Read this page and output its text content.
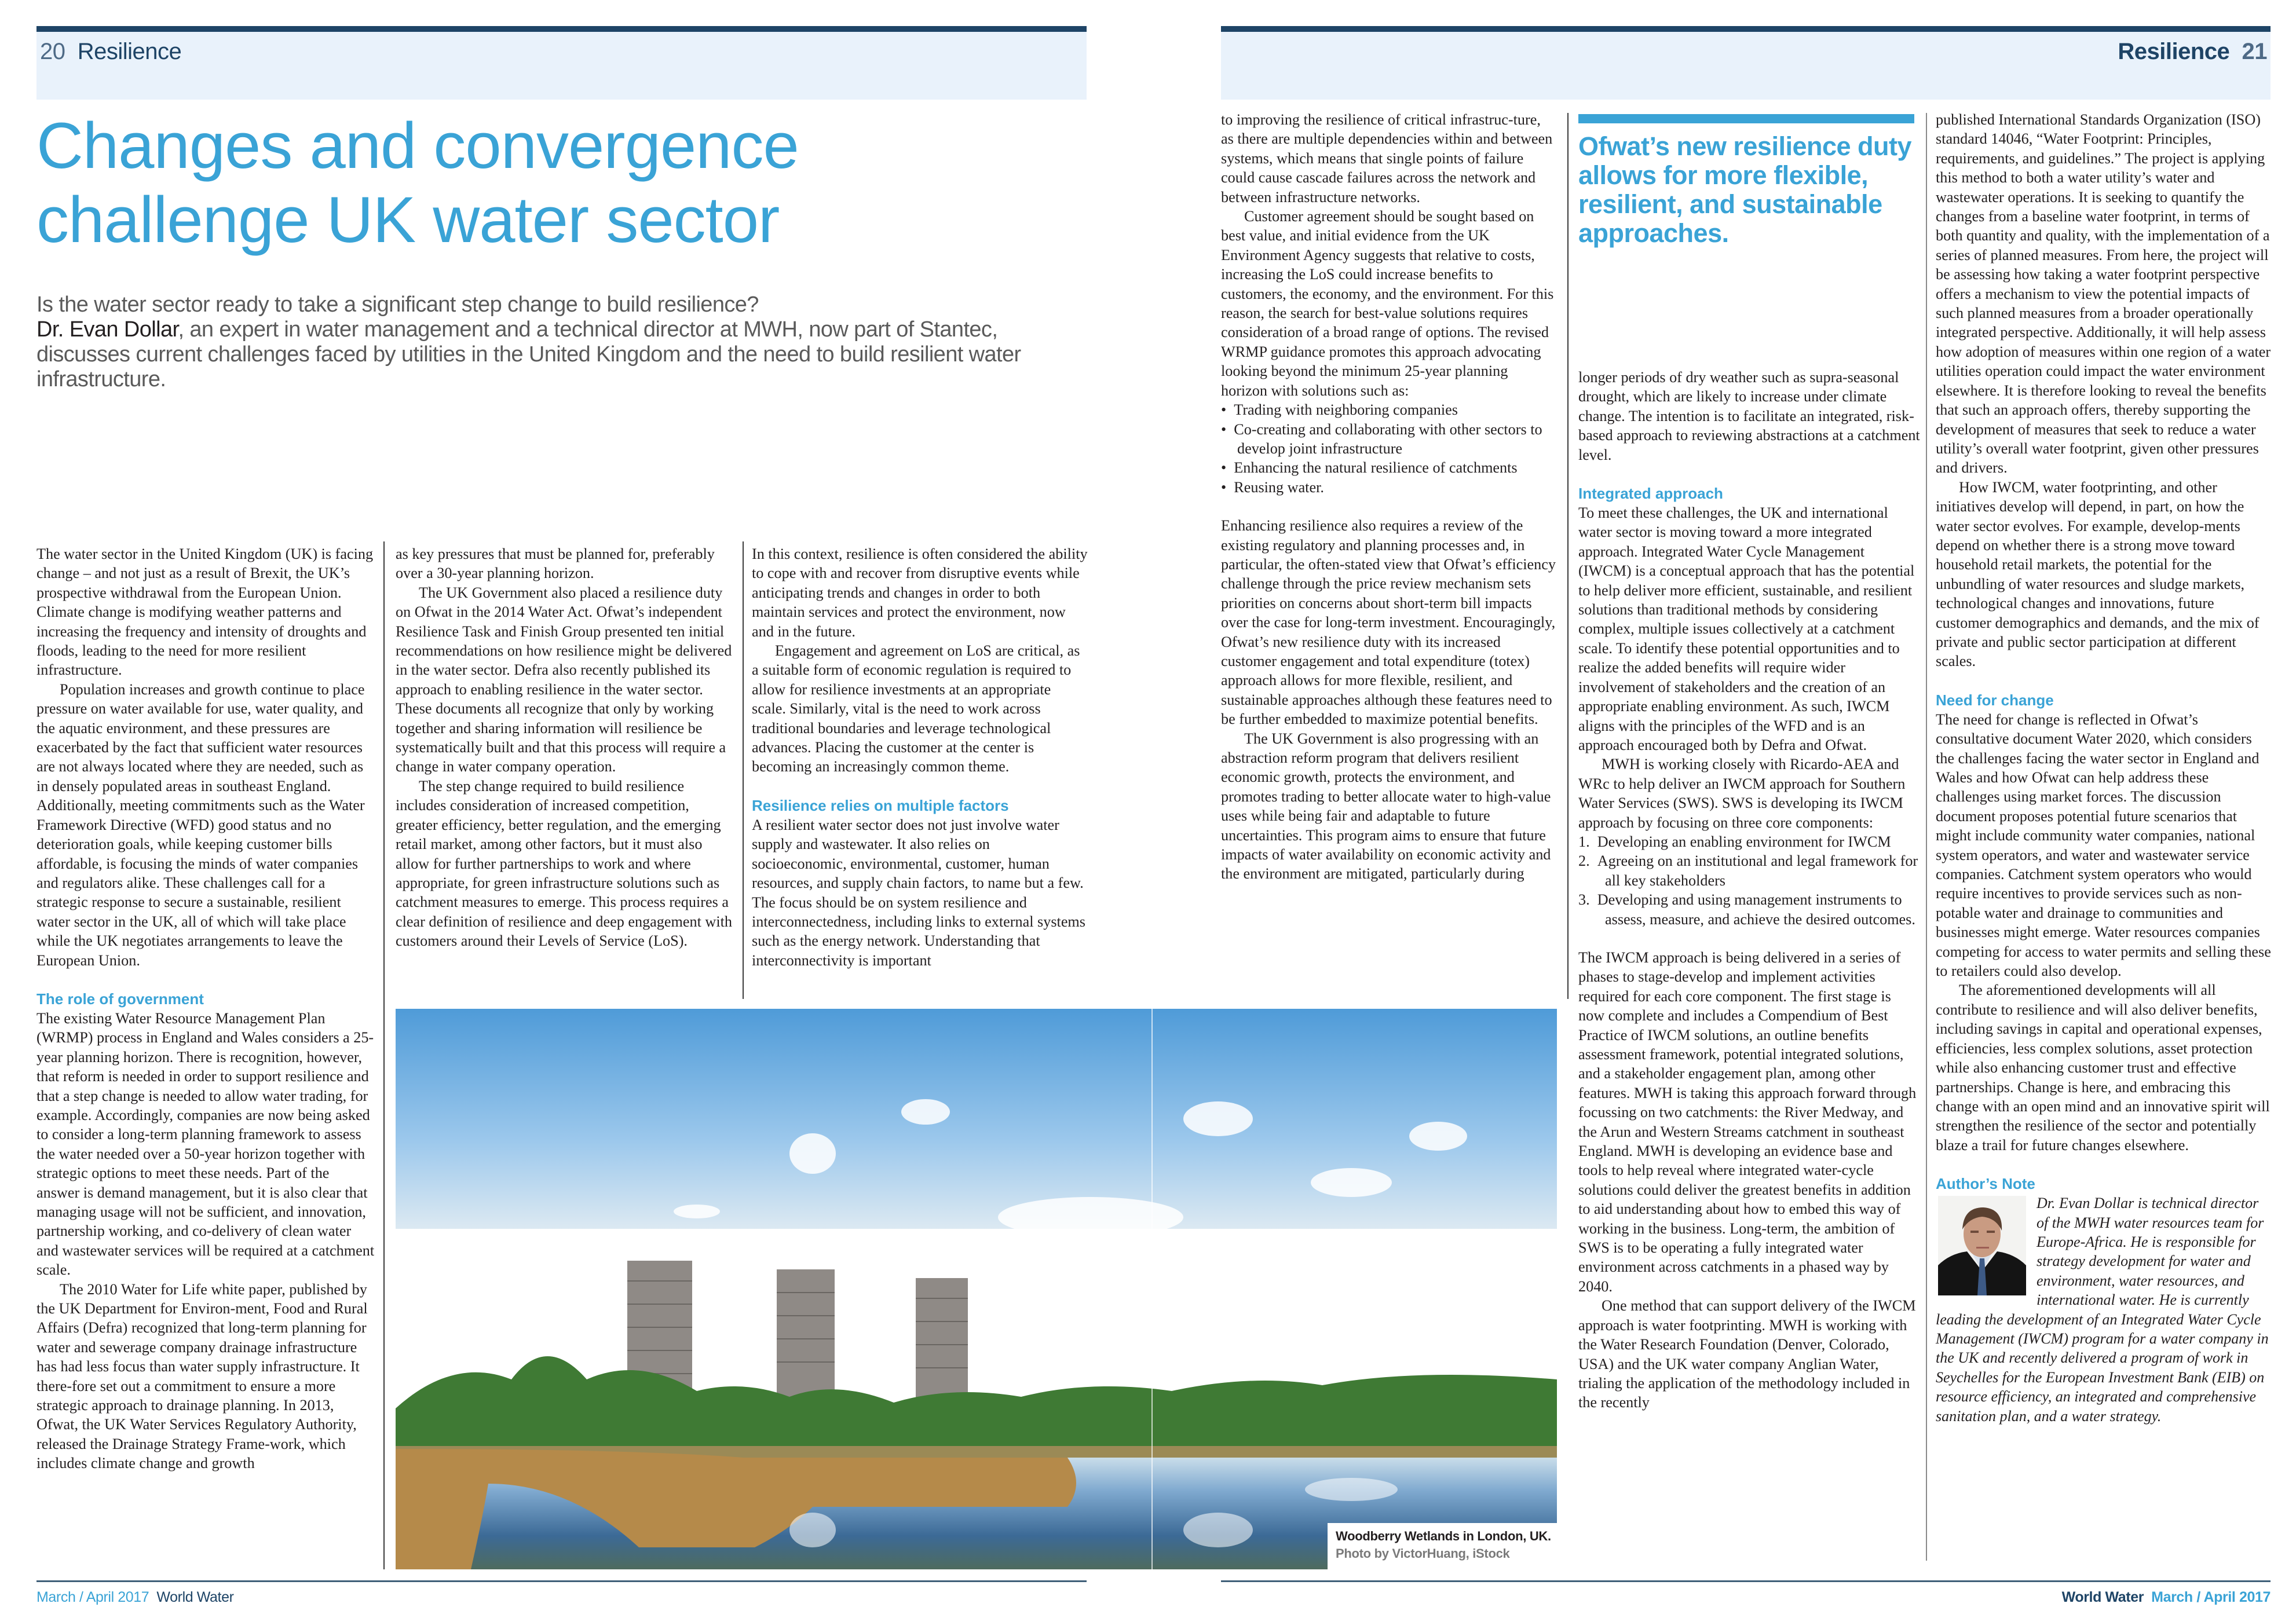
20 Resilience	Resilience 21
Changes and convergence
challenge UK water sector

Is the water sector ready to take a significant step change to build resilience?
Dr. Evan Dollar, an expert in water management and a technical director at MWH, now part of Stantec, discusses current challenges faced by utilities in the United Kingdom and the need to build resilient water infrastructure.

The water sector in the United Kingdom (UK) is facing change – and not just as a result of Brexit, the UK’s prospective withdrawal from the European Union. Climate change is modifying weather patterns and increasing the frequency and intensity of droughts and floods, leading to the need for more resilient infrastructure.

Population increases and growth continue to place pressure on water available for use, water quality, and the aquatic environment, and these pressures are exacerbated by the fact that sufficient water resources are not always located where they are needed, such as in densely populated areas in southeast England. Additionally, meeting commitments such as the Water Framework Directive (WFD) good status and no deterioration goals, while keeping customer bills affordable, is focusing the minds of water companies and regulators alike. These challenges call for a strategic response to secure a sustainable, resilient water sector in the UK, all of which will take place while the UK negotiates arrangements to leave the European Union.

The role of government

The existing Water Resource Management Plan (WRMP) process in England and Wales considers a 25-year planning horizon. There is recognition, however, that reform is needed in order to support resilience and that a step change is needed to allow water trading, for example. Accordingly, companies are now being asked to consider a long-term planning framework to assess the water needed over a 50-year horizon together with strategic options to meet these needs. Part of the answer is demand management, but it is also clear that managing usage will not be sufficient, and innovation, partnership working, and co-delivery of clean water and wastewater services will be required at a catchment scale.

The 2010 Water for Life white paper, published by the UK Department for Environ-ment, Food and Rural Affairs (Defra) recognized that long-term planning for water and sewerage company drainage infrastructure has had less focus than water supply infrastructure. It there-fore set out a commitment to ensure a more strategic approach to drainage planning. In 2013, Ofwat, the UK Water Services Regulatory Authority, released the Drainage Strategy Frame-work, which includes climate change and growth

as key pressures that must be planned for, preferably over a 30-year planning horizon.

The UK Government also placed a resilience duty on Ofwat in the 2014 Water Act. Ofwat’s independent Resilience Task and Finish Group presented ten initial recommendations on how resilience might be delivered in the water sector. Defra also recently published its approach to enabling resilience in the water sector. These documents all recognize that only by working together and sharing information will resilience be systematically built and that this process will require a change in water company operation.

The step change required to build resilience includes consideration of increased competition, greater efficiency, better regulation, and the emerging retail market, among other factors, but it must also allow for further partnerships to work and where appropriate, for green infrastructure solutions such as catchment measures to emerge. This process requires a clear definition of resilience and deep engagement with customers around their Levels of Service (LoS).

In this context, resilience is often considered the ability to cope with and recover from disruptive events while anticipating trends and changes in order to both maintain services and protect the environment, now and in the future.

Engagement and agreement on LoS are critical, as a suitable form of economic regulation is required to allow for resilience investments at an appropriate scale. Similarly, vital is the need to work across traditional boundaries and leverage technological advances. Placing the customer at the center is becoming an increasingly common theme.

Resilience relies on multiple factors

A resilient water sector does not just involve water supply and wastewater. It also relies on socioeconomic, environmental, customer, human resources, and supply chain factors, to name but a few. The focus should be on system resilience and interconnectedness, including links to external systems such as the energy network. Understanding that interconnectivity is important

to improving the resilience of critical infrastruc-ture, as there are multiple dependencies within and between systems, which means that single points of failure could cause cascade failures across the network and between infrastructure networks.

Customer agreement should be sought based on best value, and initial evidence from the UK Environment Agency suggests that relative to costs, increasing the LoS could increase benefits to customers, the economy, and the environment. For this reason, the search for best-value solutions requires consideration of a broad range of options. The revised WRMP guidance promotes this approach advocating looking beyond the minimum 25-year planning horizon with solutions such as:

•  Trading with neighboring companies
•  Co-creating and collaborating with other sectors to develop joint infrastructure
•  Enhancing the natural resilience of catchments
•  Reusing water.

Enhancing resilience also requires a review of the existing regulatory and planning processes and, in particular, the often-stated view that Ofwat’s efficiency challenge through the price review mechanism sets priorities on concerns about short-term bill impacts over the case for long-term investment. Encouragingly, Ofwat’s new resilience duty with its increased customer engagement and total expenditure (totex) approach allows for more flexible, resilient, and sustainable approaches although these features need to be further embedded to maximize potential benefits.

The UK Government is also progressing with an abstraction reform program that delivers resilient economic growth, protects the environment, and promotes trading to better allocate water to high-value uses while being fair and adaptable to future uncertainties. This program aims to ensure that future impacts of water availability on economic activity and the environment are mitigated, particularly during

Ofwat’s new resilience duty allows for more flexible, resilient, and sustainable approaches.

longer periods of dry weather such as supra-seasonal drought, which are likely to increase under climate change. The intention is to facilitate an integrated, risk-based approach to reviewing abstractions at a catchment level.

Integrated approach

To meet these challenges, the UK and international water sector is moving toward a more integrated approach. Integrated Water Cycle Management (IWCM) is a conceptual approach that has the potential to help deliver more efficient, sustainable, and resilient solutions than traditional methods by considering complex, multiple issues collectively at a catchment scale. To identify these potential opportunities and to realize the added benefits will require wider involvement of stakeholders and the creation of an appropriate enabling environment. As such, IWCM aligns with the principles of the WFD and is an approach encouraged both by Defra and Ofwat.

MWH is working closely with Ricardo-AEA and WRc to help deliver an IWCM approach for Southern Water Services (SWS). SWS is developing its IWCM approach by focusing on three core components:

1. Developing an enabling environment for IWCM
2. Agreeing on an institutional and legal framework for all key stakeholders
3. Developing and using management instruments to assess, measure, and achieve the desired outcomes.

The IWCM approach is being delivered in a series of phases to stage-develop and implement activities required for each core component. The first stage is now complete and includes a Compendium of Best Practice of IWCM solutions, an outline benefits assessment framework, potential integrated solutions, and a stakeholder engagement plan, among other features. MWH is taking this approach forward through focussing on two catchments: the River Medway, and the Arun and Western Streams catchment in southeast England. MWH is developing an evidence base and tools to help reveal where integrated water-cycle solutions could deliver the greatest benefits in addition to aid understanding about how to embed this way of working in the business. Long-term, the ambition of SWS is to be operating a fully integrated water environment across catchments in a phased way by 2040.

One method that can support delivery of the IWCM approach is water footprinting. MWH is working with the Water Research Foundation (Denver, Colorado, USA) and the UK water company Anglian Water, trialing the application of the methodology included in the recently

published International Standards Organization (ISO) standard 14046, “Water Footprint: Principles, requirements, and guidelines.” The project is applying this method to both a water utility’s water and wastewater operations. It is seeking to quantify the changes from a baseline water footprint, in terms of both quantity and quality, with the implementation of a series of planned measures. From here, the project will be assessing how taking a water footprint perspective offers a mechanism to view the potential impacts of such planned measures from a broader operationally integrated perspective. Additionally, it will help assess how adoption of measures within one region of a water utilities operation could impact the water environment elsewhere. It is therefore looking to reveal the benefits that such an approach offers, thereby supporting the development of measures that seek to reduce a water utility’s overall water footprint, given other pressures and drivers.

How IWCM, water footprinting, and other initiatives develop will depend, in part, on how the water sector evolves. For example, develop-ments depend on whether there is a strong move toward household retail markets, the potential for the unbundling of water resources and sludge markets, technological changes and innovations, future customer demographics and demands, and the mix of private and public sector participation at different scales.

Need for change

The need for change is reflected in Ofwat’s consultative document Water 2020, which considers the challenges facing the water sector in England and Wales and how Ofwat can help address these challenges using market forces. The discussion document proposes potential future scenarios that might include community water companies, national system operators, and water and wastewater service companies. Catchment system operators who would require incentives to provide services such as non-potable water and drainage to communities and businesses might emerge. Water resources companies competing for access to water permits and selling these to retailers could also develop.

The aforementioned developments will all contribute to resilience and will also deliver benefits, including savings in capital and operational expenses, efficiencies, less complex solutions, asset protection while also enhancing customer trust and effective partnerships. Change is here, and embracing this change with an open mind and an innovative spirit will strengthen the resilience of the sector and potentially blaze a trail for future changes elsewhere.

Author’s Note

Dr. Evan Dollar is technical director of the MWH water resources team for Europe-Africa. He is responsible for strategy development for water and environment, water resources, and international water. He is currently leading the development of an Integrated Water Cycle Management (IWCM) program for a water company in the UK and recently delivered a program of work in Seychelles for the European Investment Bank (EIB) on resource efficiency, an integrated and comprehensive sanitation plan, and a water strategy.

Woodberry Wetlands in London, UK.
Photo by VictorHuang, iStock
March / April 2017 World Water	World Water March / April 2017
